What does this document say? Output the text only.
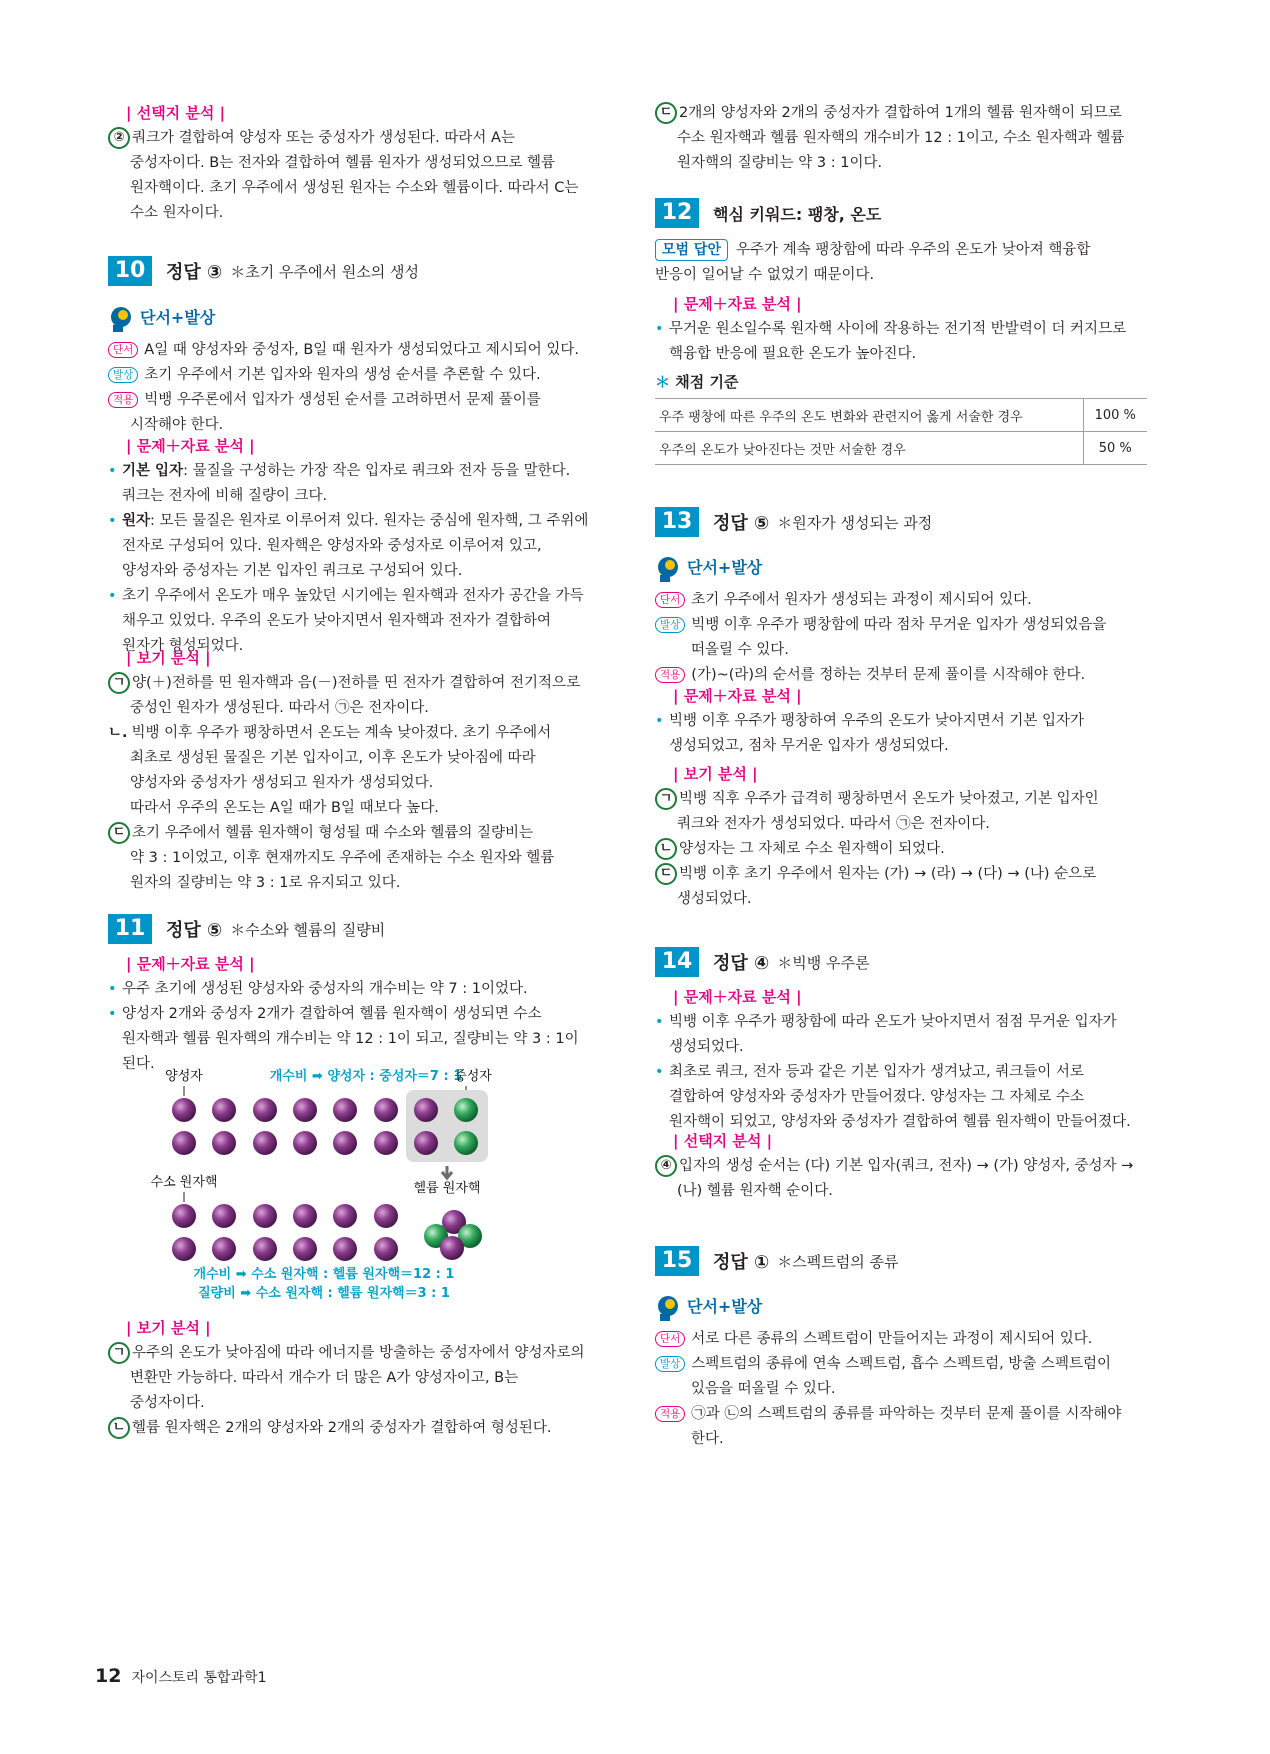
| 선택지 분석 |
② 쿼크가 결합하여 양성자 또는 중성자가 생성된다. 따라서 A는
중성자이다. B는 전자와 결합하여 헬륨 원자가 생성되었으므로 헬륨
원자핵이다. 초기 우주에서 생성된 원자는 수소와 헬륨이다. 따라서 C는
수소 원자이다.
10	정답 ③ ＊초기 우주에서 원소의 생성
단서+발상
단서 A일 때 양성자와 중성자, B일 때 원자가 생성되었다고 제시되어 있다.
발상 초기 우주에서 기본 입자와 원자의 생성 순서를 추론할 수 있다.
적용 빅뱅 우주론에서 입자가 생성된 순서를 고려하면서 문제 풀이를
시작해야 한다.
| 문제＋자료 분석 |
• 기본 입자: 물질을 구성하는 가장 작은 입자로 쿼크와 전자 등을 말한다.
쿼크는 전자에 비해 질량이 크다.
• 원자: 모든 물질은 원자로 이루어져 있다. 원자는 중심에 원자핵, 그 주위에
전자로 구성되어 있다. 원자핵은 양성자와 중성자로 이루어져 있고,
양성자와 중성자는 기본 입자인 쿼크로 구성되어 있다.
• 초기 우주에서 온도가 매우 높았던 시기에는 원자핵과 전자가 공간을 가득
채우고 있었다. 우주의 온도가 낮아지면서 원자핵과 전자가 결합하여
원자가 형성되었다.
| 보기 분석 |
ㄱ 양(＋)전하를 띤 원자핵과 음(－)전하를 띤 전자가 결합하여 전기적으로
중성인 원자가 생성된다. 따라서 ㉠은 전자이다.
ㄴ. 빅뱅 이후 우주가 팽창하면서 온도는 계속 낮아졌다. 초기 우주에서
최초로 생성된 물질은 기본 입자이고, 이후 온도가 낮아짐에 따라
양성자와 중성자가 생성되고 원자가 생성되었다.
따라서 우주의 온도는 A일 때가 B일 때보다 높다.
ㄷ 초기 우주에서 헬륨 원자핵이 형성될 때 수소와 헬륨의 질량비는
약 3 : 1이었고, 이후 현재까지도 우주에 존재하는 수소 원자와 헬륨
원자의 질량비는 약 3 : 1로 유지되고 있다.
11	정답 ⑤ ＊수소와 헬륨의 질량비
| 문제＋자료 분석 |
• 우주 초기에 생성된 양성자와 중성자의 개수비는 약 7 : 1이었다.
• 양성자 2개와 중성자 2개가 결합하여 헬륨 원자핵이 생성되면 수소
원자핵과 헬륨 원자핵의 개수비는 약 12 : 1이 되고, 질량비는 약 3 : 1이
된다.
양성자	개수비 ➡ 양성자 : 중성자＝7 : 1
중성자
수소 원자핵	헬륨 원자핵
개수비 ➡ 수소 원자핵 : 헬륨 원자핵＝12 : 1
질량비 ➡ 수소 원자핵 : 헬륨 원자핵＝3 : 1
| 보기 분석 |
ㄱ 우주의 온도가 낮아짐에 따라 에너지를 방출하는 중성자에서 양성자로의
변환만 가능하다. 따라서 개수가 더 많은 A가 양성자이고, B는
중성자이다.
ㄴ 헬륨 원자핵은 2개의 양성자와 2개의 중성자가 결합하여 형성된다.
12 자이스토리 통합과학1
ㄷ 2개의 양성자와 2개의 중성자가 결합하여 1개의 헬륨 원자핵이 되므로
수소 원자핵과 헬륨 원자핵의 개수비가 12 : 1이고, 수소 원자핵과 헬륨
원자핵의 질량비는 약 3 : 1이다.
12	핵심 키워드: 팽창, 온도
모범 답안 우주가 계속 팽창함에 따라 우주의 온도가 낮아져 핵융합
반응이 일어날 수 없었기 때문이다.
| 문제＋자료 분석 |
• 무거운 원소일수록 원자핵 사이에 작용하는 전기적 반발력이 더 커지므로
핵융합 반응에 필요한 온도가 높아진다.
＊ 채점 기준
우주 팽창에 따른 우주의 온도 변화와 관련지어 옳게 서술한 경우	100 %
우주의 온도가 낮아진다는 것만 서술한 경우	50 %
13	정답 ⑤ ＊원자가 생성되는 과정
단서+발상
단서 초기 우주에서 원자가 생성되는 과정이 제시되어 있다.
발상 빅뱅 이후 우주가 팽창함에 따라 점차 무거운 입자가 생성되었음을
떠올릴 수 있다.
적용 (가)~(라)의 순서를 정하는 것부터 문제 풀이를 시작해야 한다.
| 문제＋자료 분석 |
• 빅뱅 이후 우주가 팽창하여 우주의 온도가 낮아지면서 기본 입자가
생성되었고, 점차 무거운 입자가 생성되었다.
| 보기 분석 |
ㄱ 빅뱅 직후 우주가 급격히 팽창하면서 온도가 낮아졌고, 기본 입자인
쿼크와 전자가 생성되었다. 따라서 ㉠은 전자이다.
ㄴ 양성자는 그 자체로 수소 원자핵이 되었다.
ㄷ 빅뱅 이후 초기 우주에서 원자는 (가) → (라) → (다) → (나) 순으로
생성되었다.
14	정답 ④ ＊빅뱅 우주론
| 문제＋자료 분석 |
• 빅뱅 이후 우주가 팽창함에 따라 온도가 낮아지면서 점점 무거운 입자가
생성되었다.
• 최초로 쿼크, 전자 등과 같은 기본 입자가 생겨났고, 쿼크들이 서로
결합하여 양성자와 중성자가 만들어졌다. 양성자는 그 자체로 수소
원자핵이 되었고, 양성자와 중성자가 결합하여 헬륨 원자핵이 만들어졌다.
| 선택지 분석 |
④ 입자의 생성 순서는 (다) 기본 입자(쿼크, 전자) → (가) 양성자, 중성자 →
(나) 헬륨 원자핵 순이다.
15	정답 ① ＊스펙트럼의 종류
단서+발상
단서 서로 다른 종류의 스펙트럼이 만들어지는 과정이 제시되어 있다.
발상 스펙트럼의 종류에 연속 스펙트럼, 흡수 스펙트럼, 방출 스펙트럼이
있음을 떠올릴 수 있다.
적용 ㉠과 ㉡의 스펙트럼의 종류를 파악하는 것부터 문제 풀이를 시작해야
한다.
